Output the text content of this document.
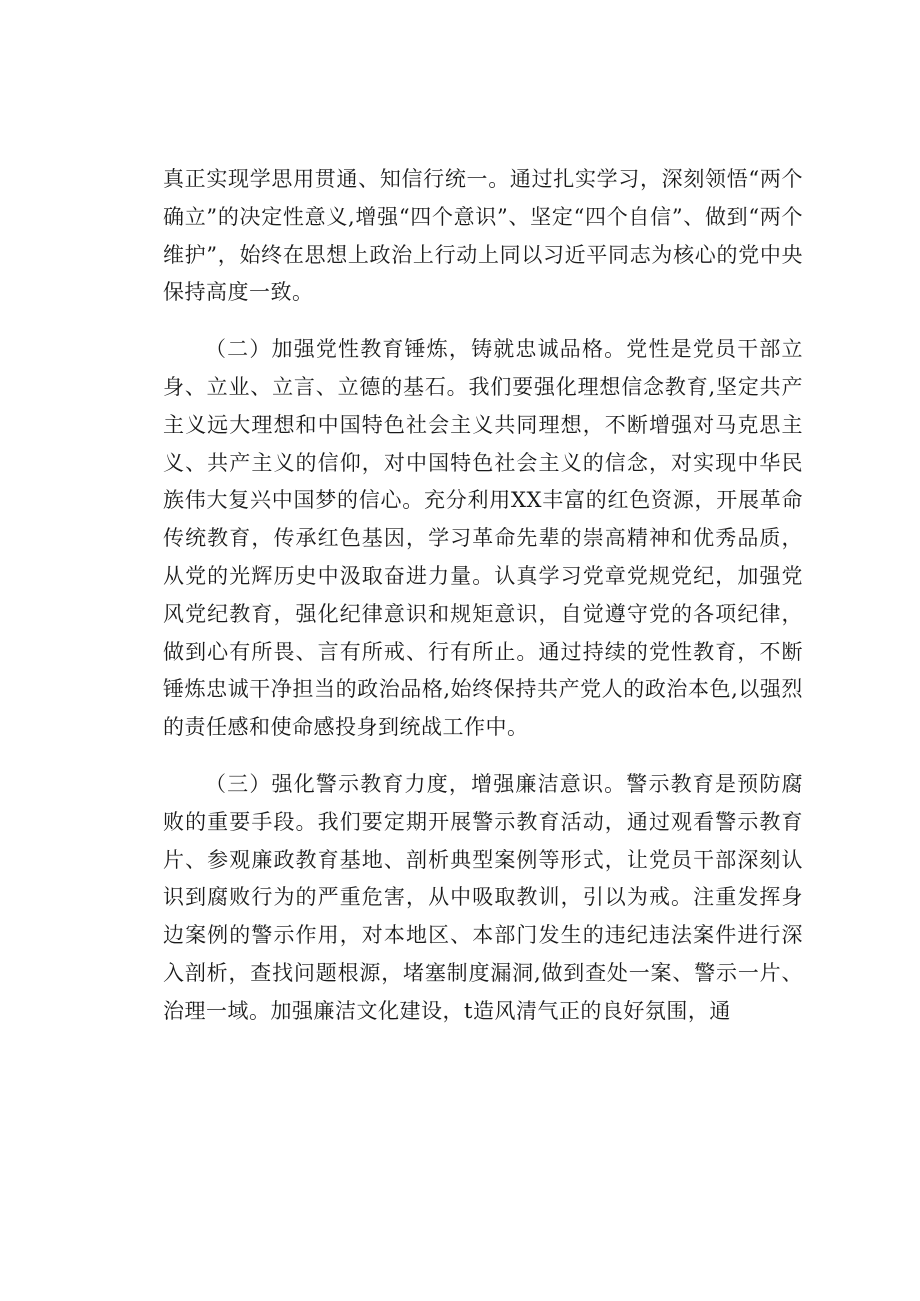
真正实现学思用贯通、知信行统一。通过扎实学习，深刻领悟“两个确立”的决定性意义,增强“四个意识”、坚定“四个自信”、做到“两个维护”，始终在思想上政治上行动上同以习近平同志为核心的党中央保持高度一致。

（二）加强党性教育锤炼，铸就忠诚品格。党性是党员干部立身、立业、立言、立德的基石。我们要强化理想信念教育,坚定共产主义远大理想和中国特色社会主义共同理想，不断增强对马克思主义、共产主义的信仰，对中国特色社会主义的信念，对实现中华民族伟大复兴中国梦的信心。充分利用XX丰富的红色资源，开展革命传统教育，传承红色基因，学习革命先辈的崇高精神和优秀品质，从党的光辉历史中汲取奋进力量。认真学习党章党规党纪，加强党风党纪教育，强化纪律意识和规矩意识，自觉遵守党的各项纪律，做到心有所畏、言有所戒、行有所止。通过持续的党性教育，不断锤炼忠诚干净担当的政治品格,始终保持共产党人的政治本色,以强烈的责任感和使命感投身到统战工作中。

（三）强化警示教育力度，增强廉洁意识。警示教育是预防腐败的重要手段。我们要定期开展警示教育活动，通过观看警示教育片、参观廉政教育基地、剖析典型案例等形式，让党员干部深刻认识到腐败行为的严重危害，从中吸取教训，引以为戒。注重发挥身边案例的警示作用，对本地区、本部门发生的违纪违法案件进行深入剖析，查找问题根源，堵塞制度漏洞,做到查处一案、警示一片、治理一域。加强廉洁文化建设，t造风清气正的良好氛围，通
